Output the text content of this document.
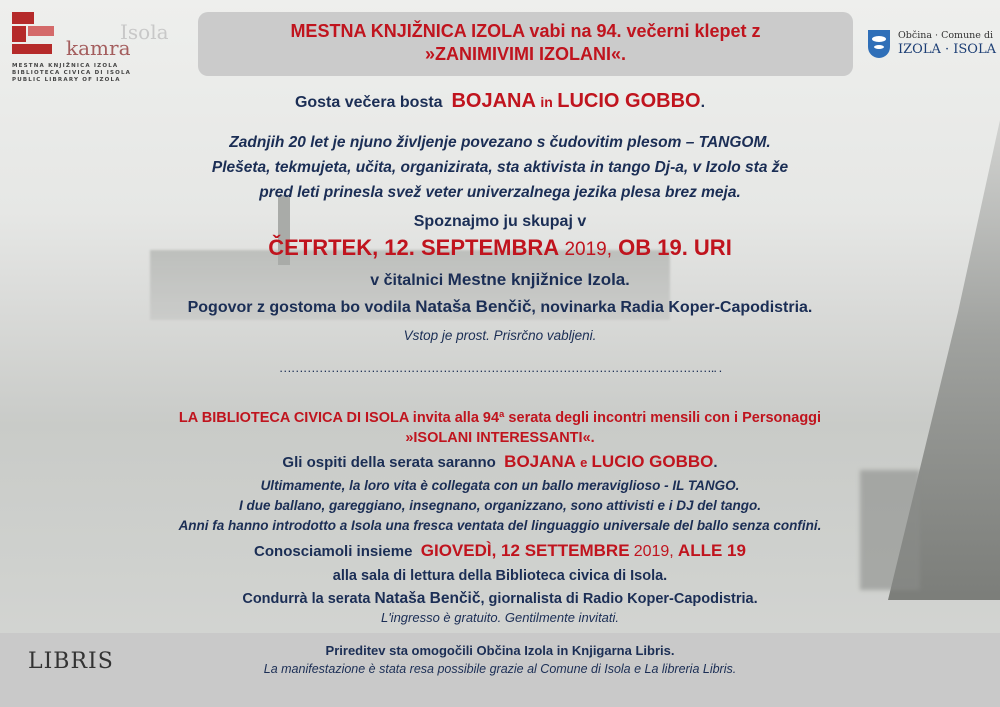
kamra
Isola
MESTNA KNJIŽNICA IZOLA
BIBLIOTECA CIVICA DI ISOLA
PUBLIC LIBRARY OF IZOLA
MESTNA KNJIŽNICA IZOLA vabi na 94. večerni klepet z
»ZANIMIVIMI IZOLANI«.
Občina · Comune di
IZOLA · ISOLA
Gosta večera bosta BOJANA in LUCIO GOBBO.
Zadnjih 20 let je njuno življenje povezano s čudovitim plesom – TANGOM.
Plešeta, tekmujeta, učita, organizirata, sta aktivista in tango Dj-a, v Izolo sta že
pred leti prinesla svež veter univerzalnega jezika plesa brez meja.
Spoznajmo ju skupaj v
ČETRTEK, 12. SEPTEMBRA 2019, OB 19. URI
v čitalnici Mestne knjižnice Izola.
Pogovor z gostoma bo vodila Nataša Benčič, novinarka Radia Koper-Capodistria.
Vstop je prost. Prisrčno vabljeni.
……………………………………………………………………………………………….. .
LA BIBLIOTECA CIVICA DI ISOLA invita alla 94ª serata degli incontri mensili con i Personaggi
»ISOLANI INTERESSANTI«.
Gli ospiti della serata saranno BOJANA e LUCIO GOBBO.
Ultimamente, la loro vita è collegata con un ballo meraviglioso - IL TANGO.
I due ballano, gareggiano, insegnano, organizzano, sono attivisti e i DJ del tango.
Anni fa hanno introdotto a Isola una fresca ventata del linguaggio universale del ballo senza confini.
Conosciamoli insieme GIOVEDÌ, 12 SETTEMBRE 2019, ALLE 19
alla sala di lettura della Biblioteca civica di Isola.
Condurrà la serata Nataša Benčič, giornalista di Radio Koper-Capodistria.
L'ingresso è gratuito. Gentilmente invitati.
LIBRIS	Prireditev sta omogočili Občina Izola in Knjigarna Libris.
La manifestazione è stata resa possibile grazie al Comune di Isola e La libreria Libris.
